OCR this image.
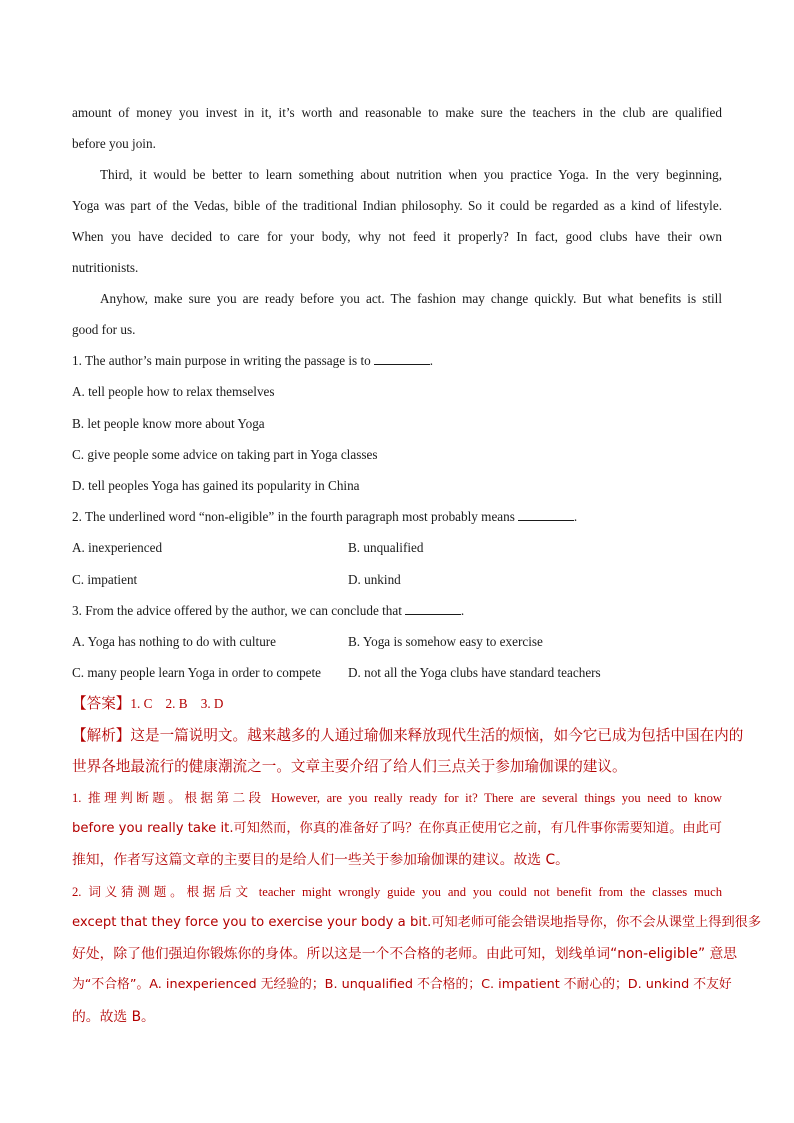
amount of money you invest in it, it’s worth and reasonable to make sure the teachers in the club are qualified
before you join.
Third, it would be better to learn something about nutrition when you practice Yoga. In the very beginning,
Yoga was part of the Vedas, bible of the traditional Indian philosophy. So it could be regarded as a kind of lifestyle.
When you have decided to care for your body, why not feed it properly? In fact, good clubs have their own
nutritionists.
Anyhow, make sure you are ready before you act. The fashion may change quickly. But what benefits is still
good for us.
1. The author’s main purpose in writing the passage is to	.
A. tell people how to relax themselves
B. let people know more about Yoga
C. give people some advice on taking part in Yoga classes
D. tell peoples Yoga has gained its popularity in China
2. The underlined word “non-eligible” in the fourth paragraph most probably means	.
A. inexperienced	B. unqualified
C. impatient	D. unkind
3. From the advice offered by the author, we can conclude that	.
A. Yoga has nothing to do with culture	B. Yoga is somehow easy to exercise
C. many people learn Yoga in order to compete	D. not all the Yoga clubs have standard teachers
【答案】1. C    2. B    3. D
【解析】这是一篇说明文。越来越多的人通过瑜伽来释放现代生活的烦恼，如今它已成为包括中国在内的
世界各地最流行的健康潮流之一。文章主要介绍了给人们三点关于参加瑜伽课的建议。
1. 推理判断题。根据第二段 However, are you really ready for it? There are several things you need to know
before you really take it.可知然而，你真的准备好了吗？在你真正使用它之前，有几件事你需要知道。由此可
推知，作者写这篇文章的主要目的是给人们一些关于参加瑜伽课的建议。故选 C。
2. 词义猜测题。根据后文 teacher might wrongly guide you and you could not benefit from the classes much
except that they force you to exercise your body a bit.可知老师可能会错误地指导你，你不会从课堂上得到很多
好处，除了他们强迫你锻炼你的身体。所以这是一个不合格的老师。由此可知，划线单词“non-eligible” 意思
为“不合格”。A. inexperienced 无经验的；B. unqualified 不合格的；C. impatient 不耐心的；D. unkind 不友好
的。故选 B。
